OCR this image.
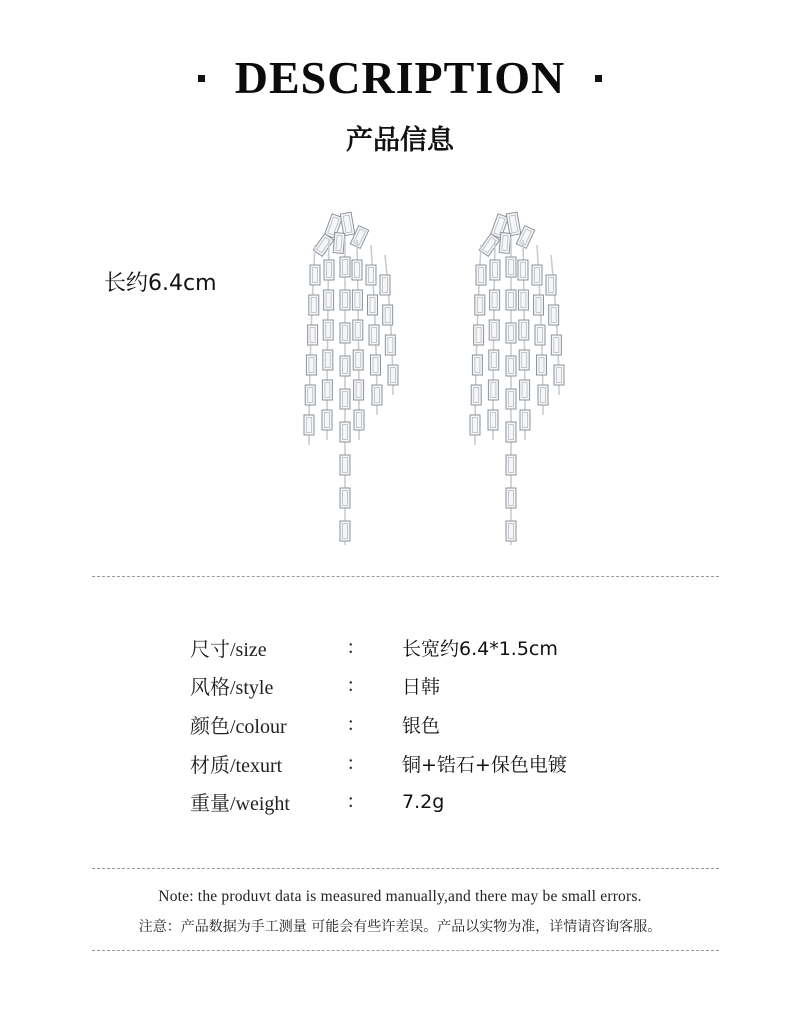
DESCRIPTION
产品信息
长约6.4cm
尺寸/size	:	长宽约6.4*1.5cm
风格/style	:	日韩
颜色/colour	:	银色
材质/texurt	:	铜+锆石+保色电镀
重量/weight	:	7.2g
Note: the produvt data is measured manually,and there may be small errors.
注意：产品数据为手工测量 可能会有些许差误。产品以实物为准，详情请咨询客服。
